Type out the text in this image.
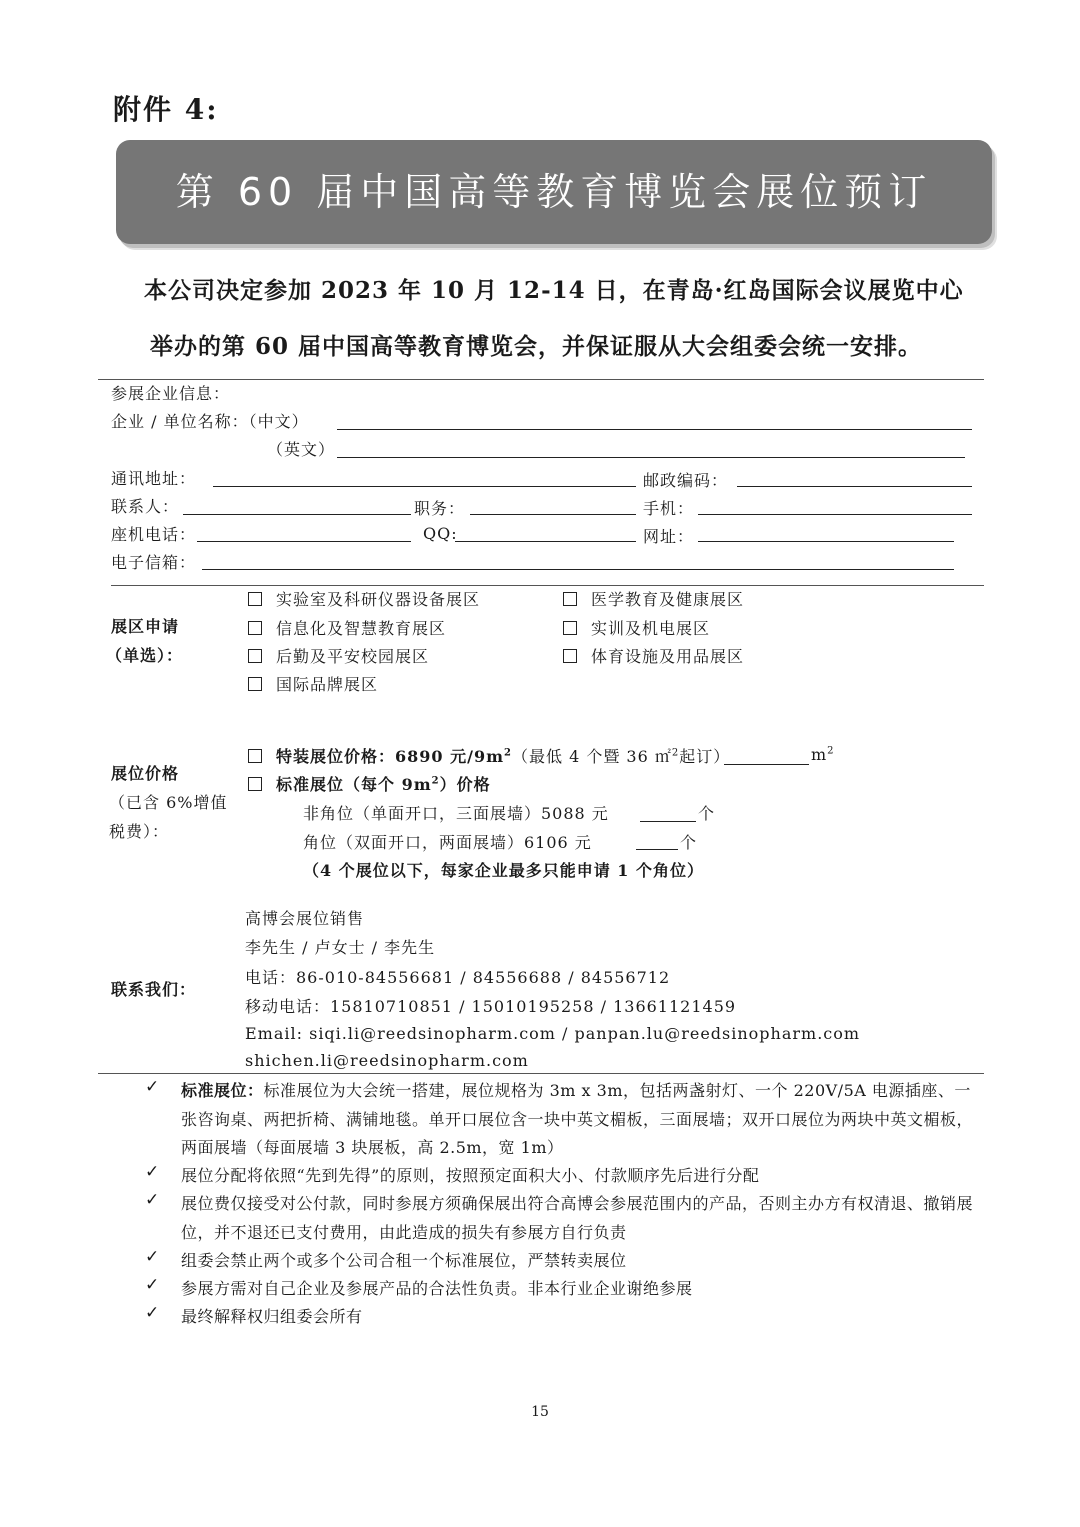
附件 4:
第 60 届中国高等教育博览会展位预订
本公司决定参加 2023 年 10 月 12-14 日，在青岛·红岛国际会议展览中心
举办的第 60 届中国高等教育博览会，并保证服从大会组委会统一安排。
参展企业信息：
企业 / 单位名称：（中文）
（英文）
通讯地址：	邮政编码：
联系人：	职务：	手机：
座机电话：	QQ:	网址：
电子信箱：
展区申请
（单选）：
实验室及科研仪器设备展区	医学教育及健康展区
信息化及智慧教育展区	实训及机电展区
后勤及平安校园展区	体育设施及用品展区
国际品牌展区
展位价格
（已含 6%增值
税费）：
特装展位价格：6890 元$/9m^2$（最低 4 个暨 36 ㎡$^2$起订）	$m^2$
标准展位（每个 $9m^2$）价格
非角位（单面开口，三面展墙）5088 元	个
角位（双面开口，两面展墙）6106 元	个
（4 个展位以下，每家企业最多只能申请 1 个角位）
联系我们：
高博会展位销售
李先生 / 卢女士 / 李先生
电话：86-010-84556681 / 84556688 / 84556712
移动电话：15810710851 / 15010195258 / 13661121459
Email: siqi.li@reedsinopharm.com / panpan.lu@reedsinopharm.com
shichen.li@reedsinopharm.com
✓ 标准展位：标准展位为大会统一搭建，展位规格为 3m x 3m，包括两盏射灯、一个 220V/5A 电源插座、一张咨询桌、两把折椅、满铺地毯。单开口展位含一块中英文楣板，三面展墙；双开口展位为两块中英文楣板，两面展墙（每面展墙 3 块展板，高 2.5m，宽 1m）
✓ 展位分配将依照“先到先得”的原则，按照预定面积大小、付款顺序先后进行分配
✓ 展位费仅接受对公付款，同时参展方须确保展出符合高博会参展范围内的产品，否则主办方有权清退、撤销展位，并不退还已支付费用，由此造成的损失有参展方自行负责
✓ 组委会禁止两个或多个公司合租一个标准展位，严禁转卖展位
✓ 参展方需对自己企业及参展产品的合法性负责。非本行业企业谢绝参展
✓ 最终解释权归组委会所有
15
